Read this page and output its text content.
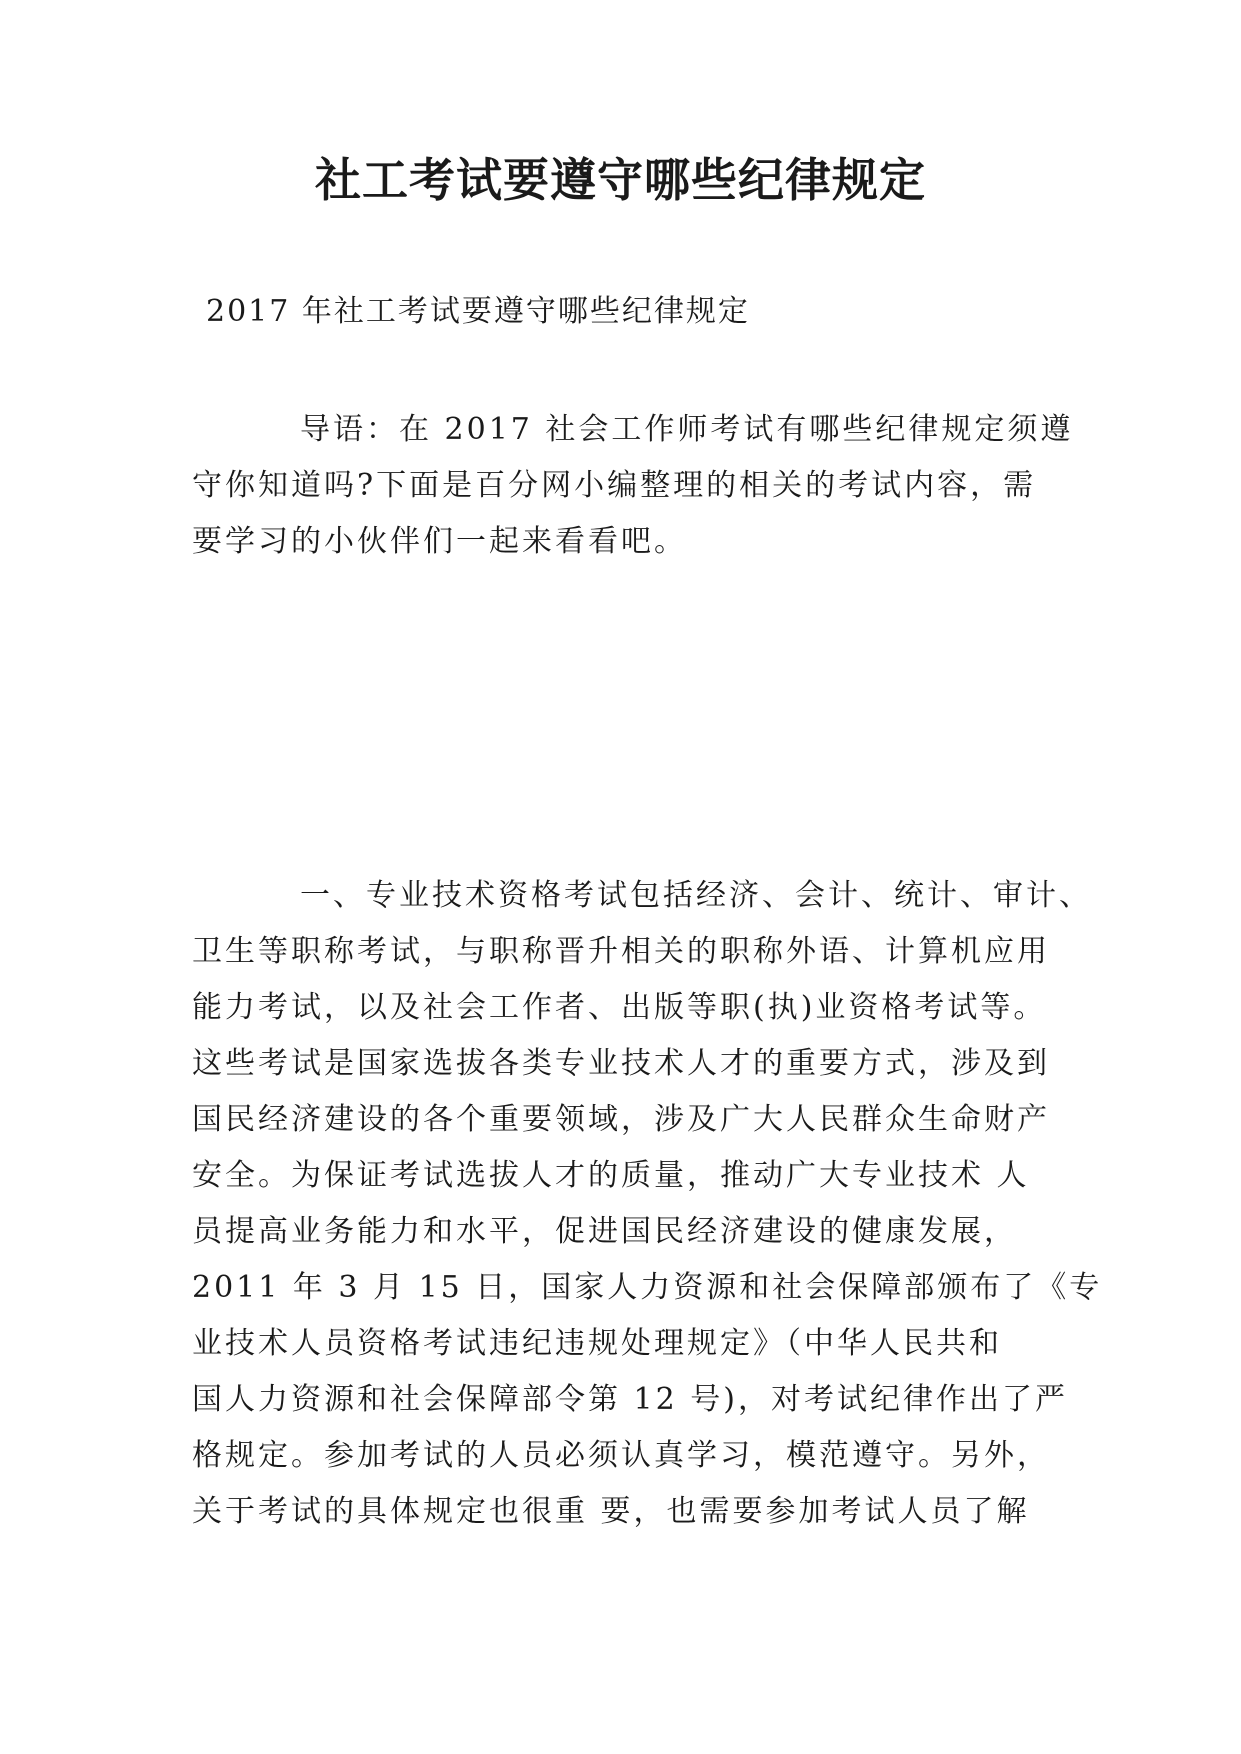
社工考试要遵守哪些纪律规定

2017 年社工考试要遵守哪些纪律规定

导语：在 2017 社会工作师考试有哪些纪律规定须遵
守你知道吗?下面是百分网小编整理的相关的考试内容，需
要学习的小伙伴们一起来看看吧。
一、专业技术资格考试包括经济、会计、统计、审计、
卫生等职称考试，与职称晋升相关的职称外语、计算机应用
能力考试，以及社会工作者、出版等职(执)业资格考试等。
这些考试是国家选拔各类专业技术人才的重要方式，涉及到
国民经济建设的各个重要领域，涉及广大人民群众生命财产
安全。为保证考试选拔人才的质量，推动广大专业技术 人
员提高业务能力和水平，促进国民经济建设的健康发展，
2011 年 3 月 15 日，国家人力资源和社会保障部颁布了《专
业技术人员资格考试违纪违规处理规定》（中华人民共和
国人力资源和社会保障部令第 12 号)，对考试纪律作出了严
格规定。参加考试的人员必须认真学习，模范遵守。另外，
关于考试的具体规定也很重 要，也需要参加考试人员了解
